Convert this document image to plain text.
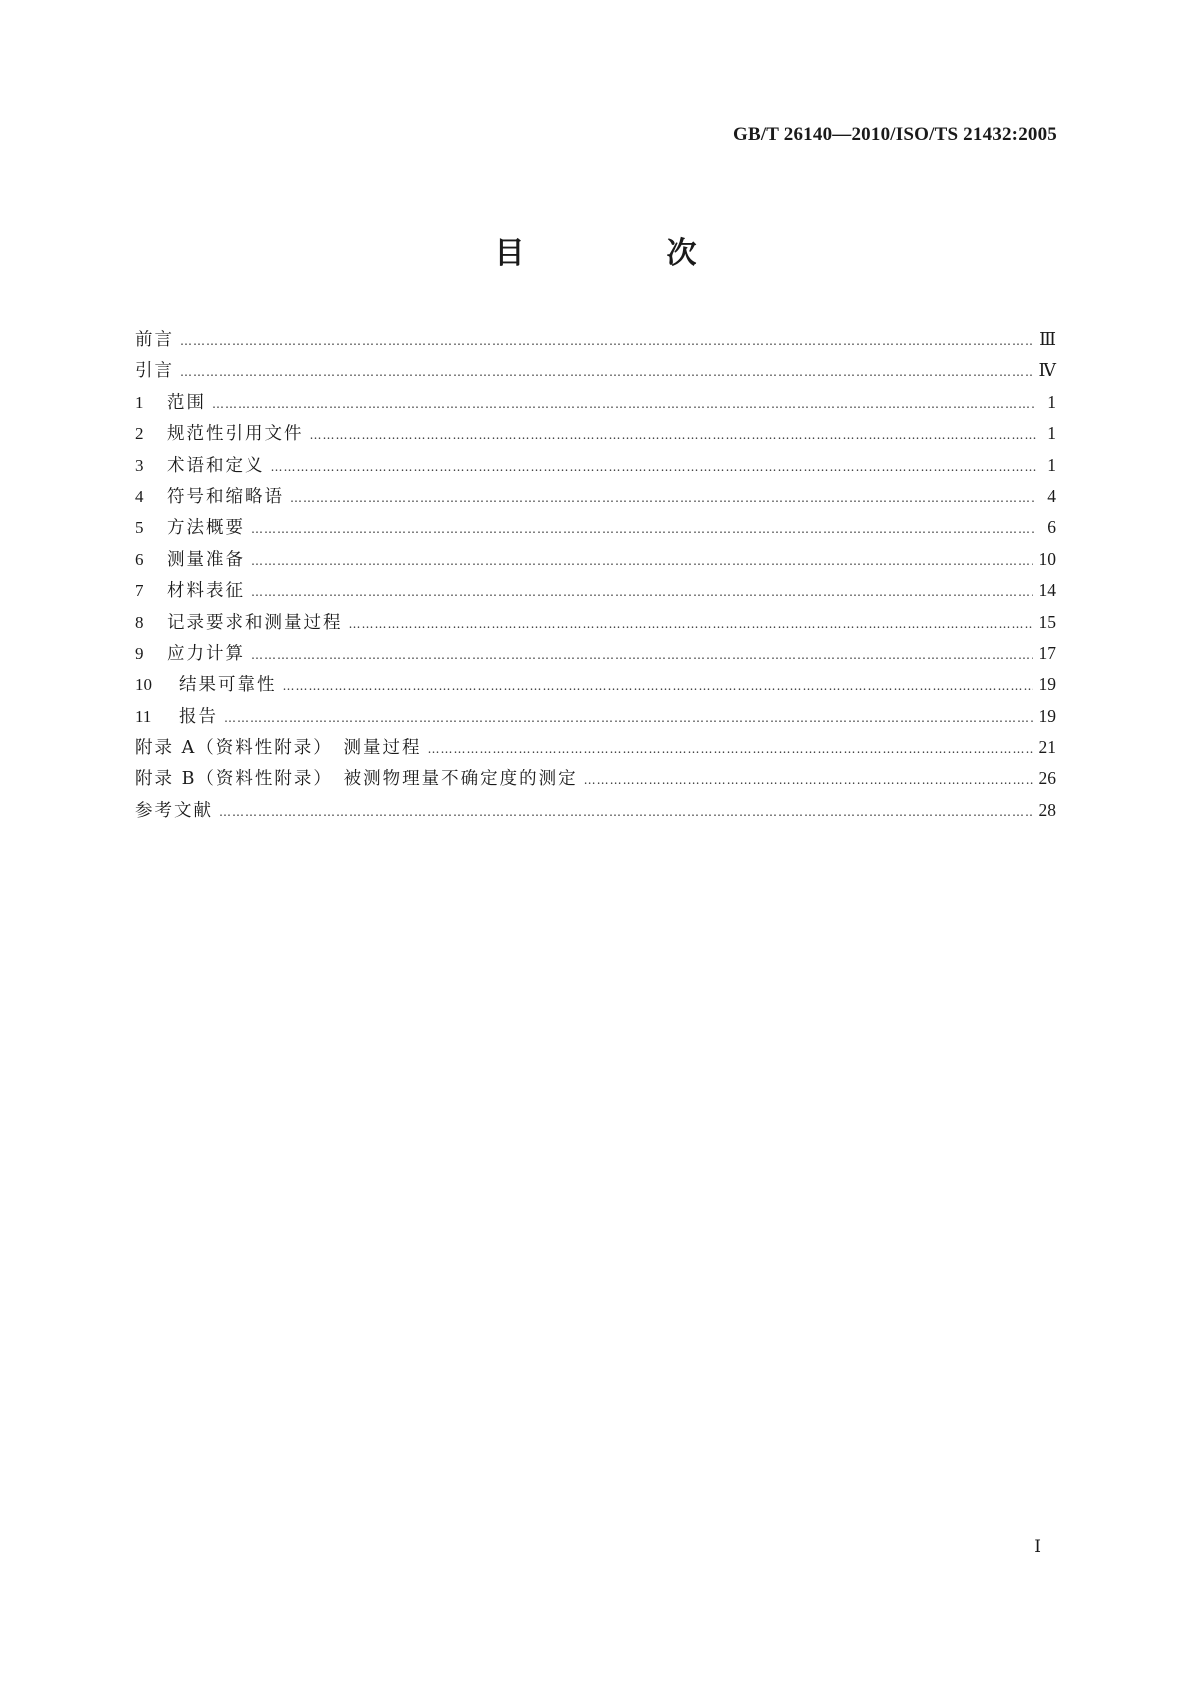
GB/T 26140—2010/ISO/TS 21432:2005
目　次
前言 …………………………………………………………………………………………………………………………………………………………………………………………	Ⅲ
引言 …………………………………………………………………………………………………………………………………………………………………………………………	Ⅳ
1	范围 …………………………………………………………………………………………………………………………………………………………………………………………	1
2	规范性引用文件 …………………………………………………………………………………………………………………………………………………………………………………………	1
3	术语和定义 …………………………………………………………………………………………………………………………………………………………………………………………	1
4	符号和缩略语 …………………………………………………………………………………………………………………………………………………………………………………………	4
5	方法概要 …………………………………………………………………………………………………………………………………………………………………………………………	6
6	测量准备 …………………………………………………………………………………………………………………………………………………………………………………………	10
7	材料表征 …………………………………………………………………………………………………………………………………………………………………………………………	14
8	记录要求和测量过程 …………………………………………………………………………………………………………………………………………………………………………………………	15
9	应力计算 …………………………………………………………………………………………………………………………………………………………………………………………	17
10	结果可靠性 …………………………………………………………………………………………………………………………………………………………………………………………	19
11	报告 …………………………………………………………………………………………………………………………………………………………………………………………	19
附录 A（资料性附录）　测量过程 …………………………………………………………………………………………………………………………………………………………………………………………	21
附录 B（资料性附录）　被测物理量不确定度的测定 …………………………………………………………………………………………………………………………………………………………………………………………	26
参考文献 …………………………………………………………………………………………………………………………………………………………………………………………	28
Ⅰ
